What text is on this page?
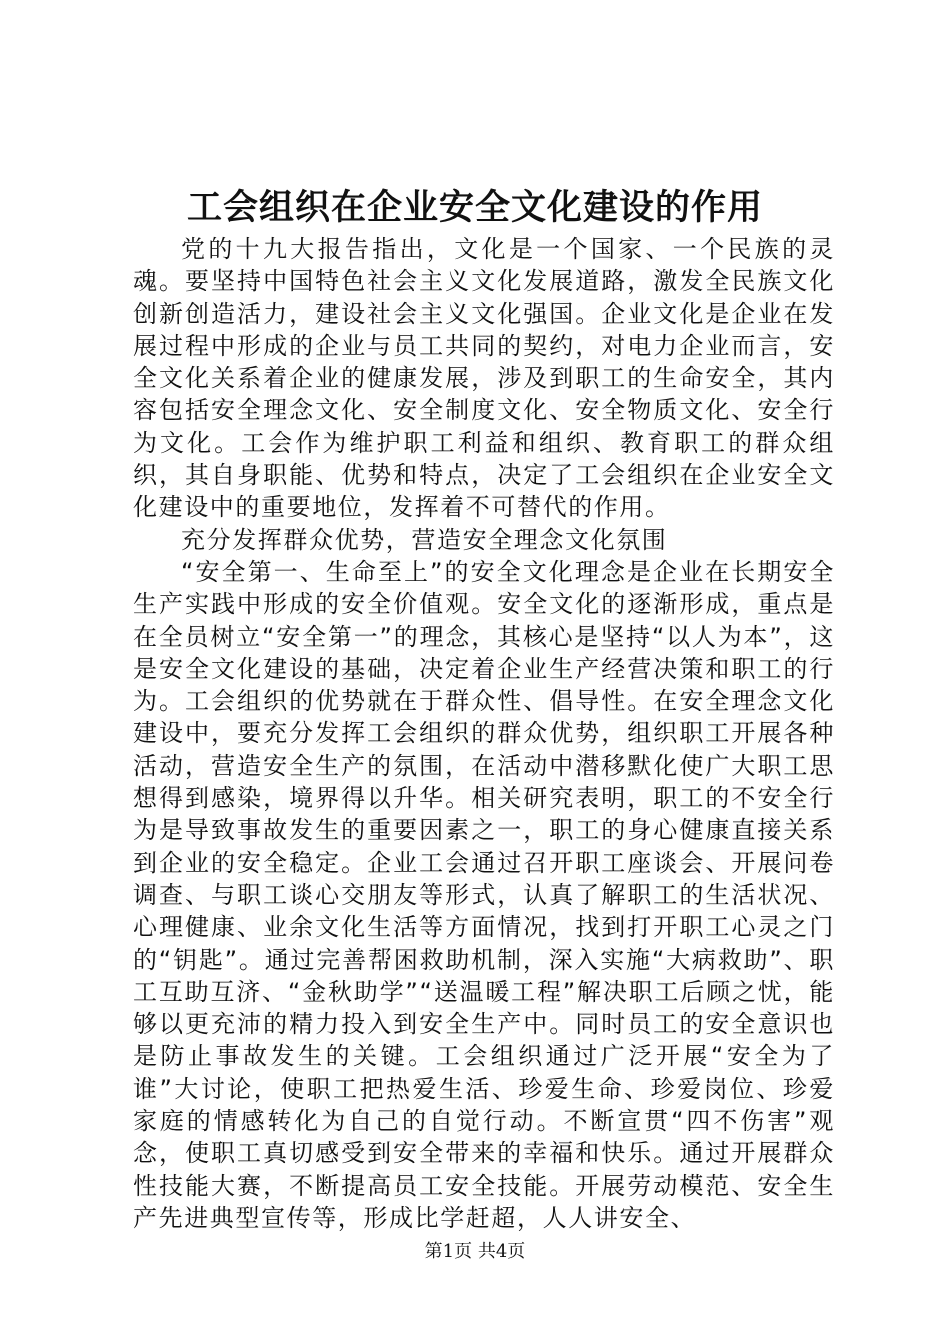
工会组织在企业安全文化建设的作用

党的十九大报告指出，文化是一个国家、一个民族的灵魂。要坚持中国特色社会主义文化发展道路，激发全民族文化创新创造活力，建设社会主义文化强国。企业文化是企业在发展过程中形成的企业与员工共同的契约，对电力企业而言，安全文化关系着企业的健康发展，涉及到职工的生命安全，其内容包括安全理念文化、安全制度文化、安全物质文化、安全行为文化。工会作为维护职工利益和组织、教育职工的群众组织，其自身职能、优势和特点，决定了工会组织在企业安全文化建设中的重要地位，发挥着不可替代的作用。

充分发挥群众优势，营造安全理念文化氛围

“安全第一、生命至上”的安全文化理念是企业在长期安全生产实践中形成的安全价值观。安全文化的逐渐形成，重点是在全员树立“安全第一”的理念，其核心是坚持“以人为本”，这是安全文化建设的基础，决定着企业生产经营决策和职工的行为。工会组织的优势就在于群众性、倡导性。在安全理念文化建设中，要充分发挥工会组织的群众优势，组织职工开展各种活动，营造安全生产的氛围，在活动中潜移默化使广大职工思想得到感染，境界得以升华。相关研究表明，职工的不安全行为是导致事故发生的重要因素之一，职工的身心健康直接关系到企业的安全稳定。企业工会通过召开职工座谈会、开展问卷调查、与职工谈心交朋友等形式，认真了解职工的生活状况、心理健康、业余文化生活等方面情况，找到打开职工心灵之门的“钥匙”。通过完善帮困救助机制，深入实施“大病救助”、职工互助互济、“金秋助学”“送温暖工程”解决职工后顾之忧，能够以更充沛的精力投入到安全生产中。同时员工的安全意识也是防止事故发生的关键。工会组织通过广泛开展“安全为了谁”大讨论，使职工把热爱生活、珍爱生命、珍爱岗位、珍爱家庭的情感转化为自己的自觉行动。不断宣贯“四不伤害”观念，使职工真切感受到安全带来的幸福和快乐。通过开展群众性技能大赛，不断提高员工安全技能。开展劳动模范、安全生产先进典型宣传等，形成比学赶超，人人讲安全、

第1页 共4页
